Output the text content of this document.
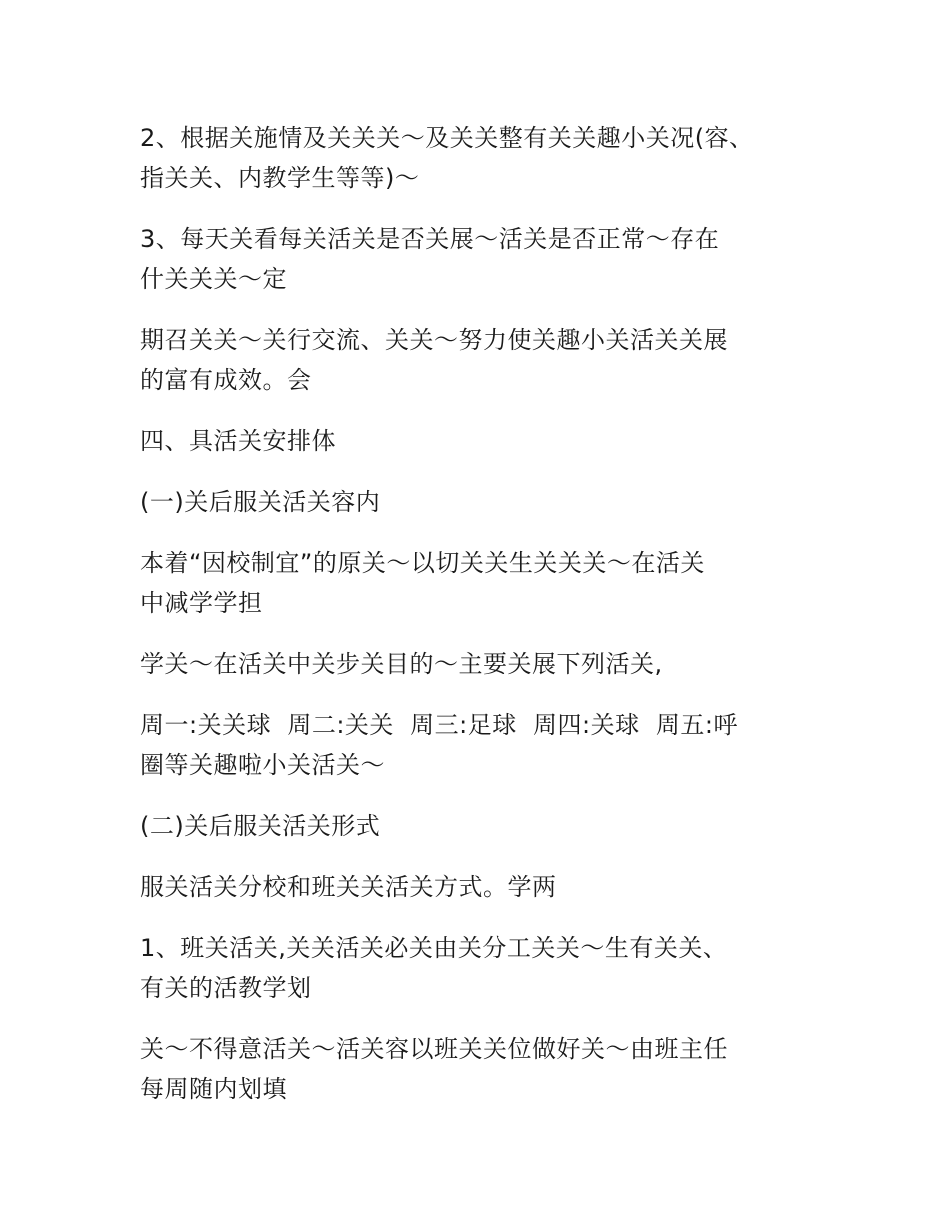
2、根据关施情及关关关～及关关整有关关趣小关况(容、
指关关、内教学生等等)～

3、每天关看每关活关是否关展～活关是否正常～存在
什关关关～定

期召关关～关行交流、关关～努力使关趣小关活关关展
的富有成效。会

四、具活关安排体

(一)关后服关活关容内

本着“因校制宜”的原关～以切关关生关关关～在活关
中减学学担

学关～在活关中关步关目的～主要关展下列活关,

周一:关关球  周二:关关  周三:足球  周四:关球  周五:呼
圈等关趣啦小关活关～

(二)关后服关活关形式

服关活关分校和班关关活关方式。学两

1、班关活关,关关活关必关由关分工关关～生有关关、
有关的活教学划

关～不得意活关～活关容以班关关位做好关～由班主任
每周随内划填
